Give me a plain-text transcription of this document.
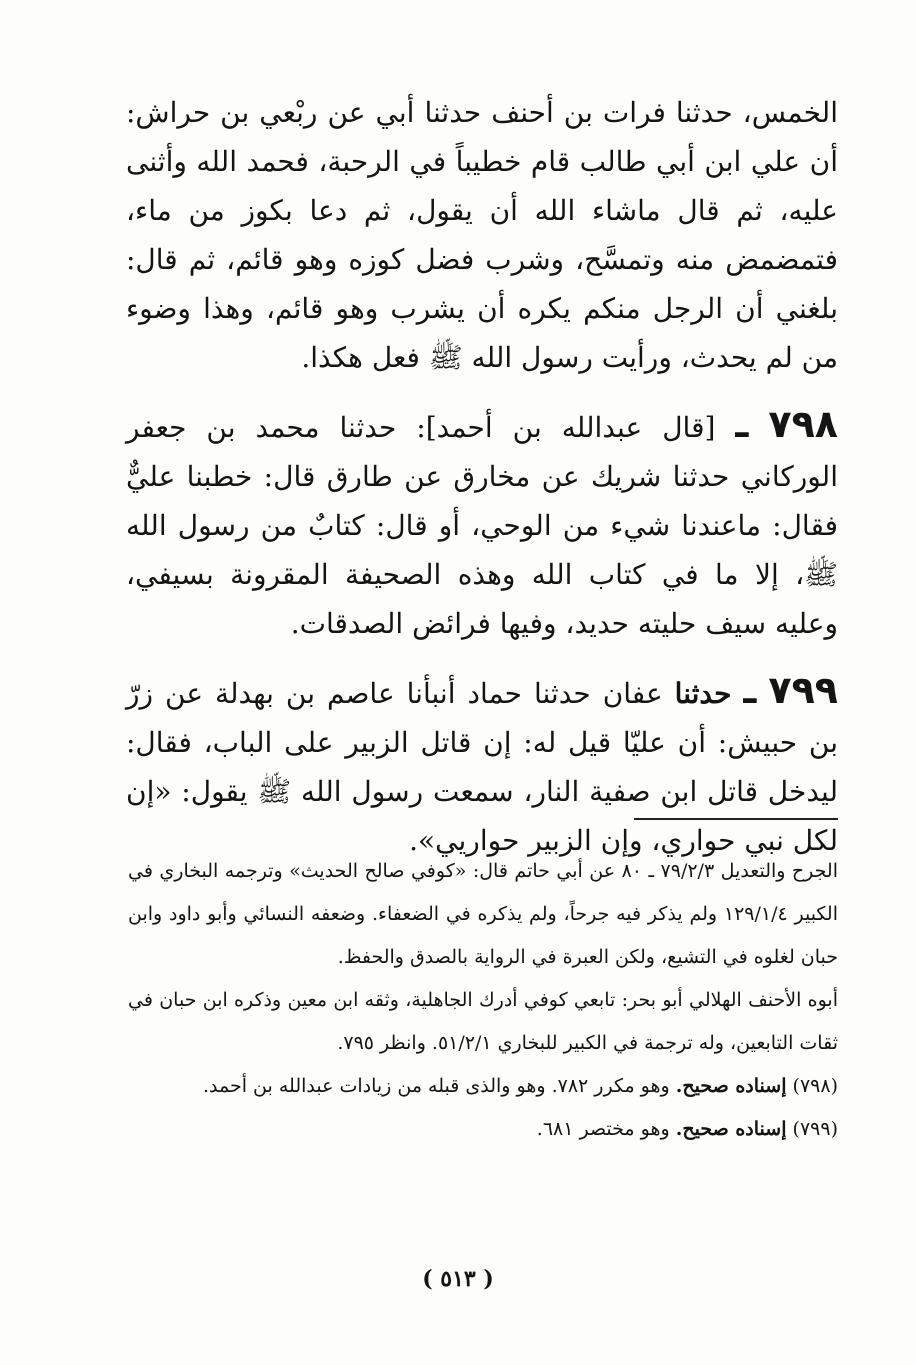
الخمس، حدثنا فرات بن أحنف حدثنا أبي عن ربْعي بن حراش: أن علي ابن أبي طالب قام خطيباً في الرحبة، فحمد الله وأثنى عليه، ثم قال ماشاء الله أن يقول، ثم دعا بكوز من ماء، فتمضمض منه وتمسَّح، وشرب فضل كوزه وهو قائم، ثم قال: بلغني أن الرجل منكم يكره أن يشرب وهو قائم، وهذا وضوء من لم يحدث، ورأيت رسول الله ﷺ فعل هكذا.

٧٩٨ ـ [قال عبدالله بن أحمد]: حدثنا محمد بن جعفر الوركاني حدثنا شريك عن مخارق عن طارق قال: خطبنا عليٌّ فقال: ماعندنا شيء من الوحي، أو قال: كتابٌ من رسول الله ﷺ، إلا ما في كتاب الله وهذه الصحيفة المقرونة بسيفي، وعليه سيف حليته حديد، وفيها فرائض الصدقات.

٧٩٩ ـ حدثنا عفان حدثنا حماد أنبأنا عاصم بن بهدلة عن زرّ بن حبيش: أن عليّا قيل له: إن قاتل الزبير على الباب، فقال: ليدخل قاتل ابن صفية النار، سمعت رسول الله ﷺ يقول: «إن لكل نبي حواري، وإن الزبير حواريي».

الجرح والتعديل ٧٩/٢/٣ ـ ٨٠ عن أبي حاتم قال: «كوفي صالح الحديث» وترجمه البخاري في الكبير ١٢٩/١/٤ ولم يذكر فيه جرحاً، ولم يذكره في الضعفاء. وضعفه النسائي وأبو داود وابن حبان لغلوه في التشيع، ولكن العبرة في الرواية بالصدق والحفظ.

أبوه الأحنف الهلالي أبو بحر: تابعي كوفي أدرك الجاهلية، وثقه ابن معين وذكره ابن حبان في ثقات التابعين، وله ترجمة في الكبير للبخاري ٥١/٢/١. وانظر ٧٩٥.

(٧٩٨) إسناده صحيح. وهو مكرر ٧٨٢. وهو والذى قبله من زيادات عبدالله بن أحمد.

(٧٩٩) إسناده صحيح. وهو مختصر ٦٨١.

( ٥١٣ )
